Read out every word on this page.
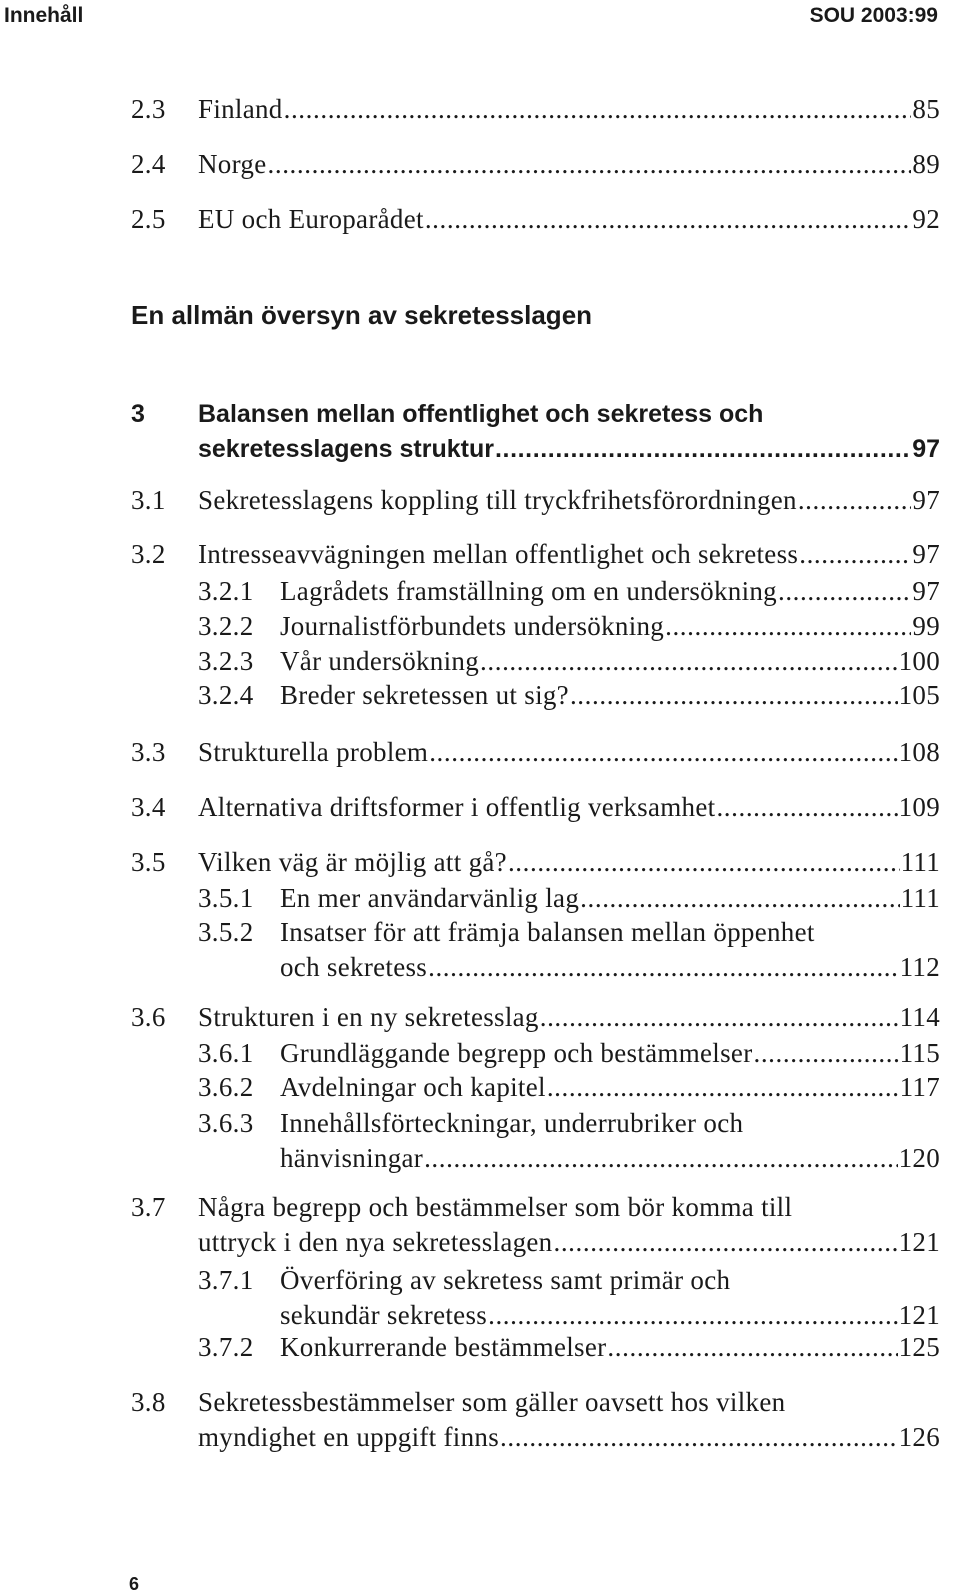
Innehåll	SOU 2003:99
En allmän översyn av sekretesslagen
2.3 Finland .....	85
2.4 Norge .....	89
2.5 EU och Europarådet .....	92
3 Balansen mellan offentlighet och sekretess och
sekretesslagens struktur .....	97
3.1 Sekretesslagens koppling till tryckfrihetsförordningen .....	97
3.2 Intresseavvägningen mellan offentlighet och sekretess .....	97
3.2.1 Lagrådets framställning om en undersökning .....	97
3.2.2 Journalistförbundets undersökning .....	99
3.2.3 Vår undersökning .....	100
3.2.4 Breder sekretessen ut sig? .....	105
3.3 Strukturella problem .....	108
3.4 Alternativa driftsformer i offentlig verksamhet .....	109
3.5 Vilken väg är möjlig att gå? .....	111
3.5.1 En mer användarvänlig lag .....	111
3.5.2 Insatser för att främja balansen mellan öppenhet
och sekretess .....	112
3.6 Strukturen i en ny sekretesslag .....	114
3.6.1 Grundläggande begrepp och bestämmelser .....	115
3.6.2 Avdelningar och kapitel .....	117
3.6.3 Innehållsförteckningar, underrubriker och
hänvisningar .....	120
3.7 Några begrepp och bestämmelser som bör komma till
uttryck i den nya sekretesslagen .....	121
3.7.1 Överföring av sekretess samt primär och
sekundär sekretess .....	121
3.7.2 Konkurrerande bestämmelser .....	125
3.8 Sekretessbestämmelser som gäller oavsett hos vilken
myndighet en uppgift finns .....	126
6
